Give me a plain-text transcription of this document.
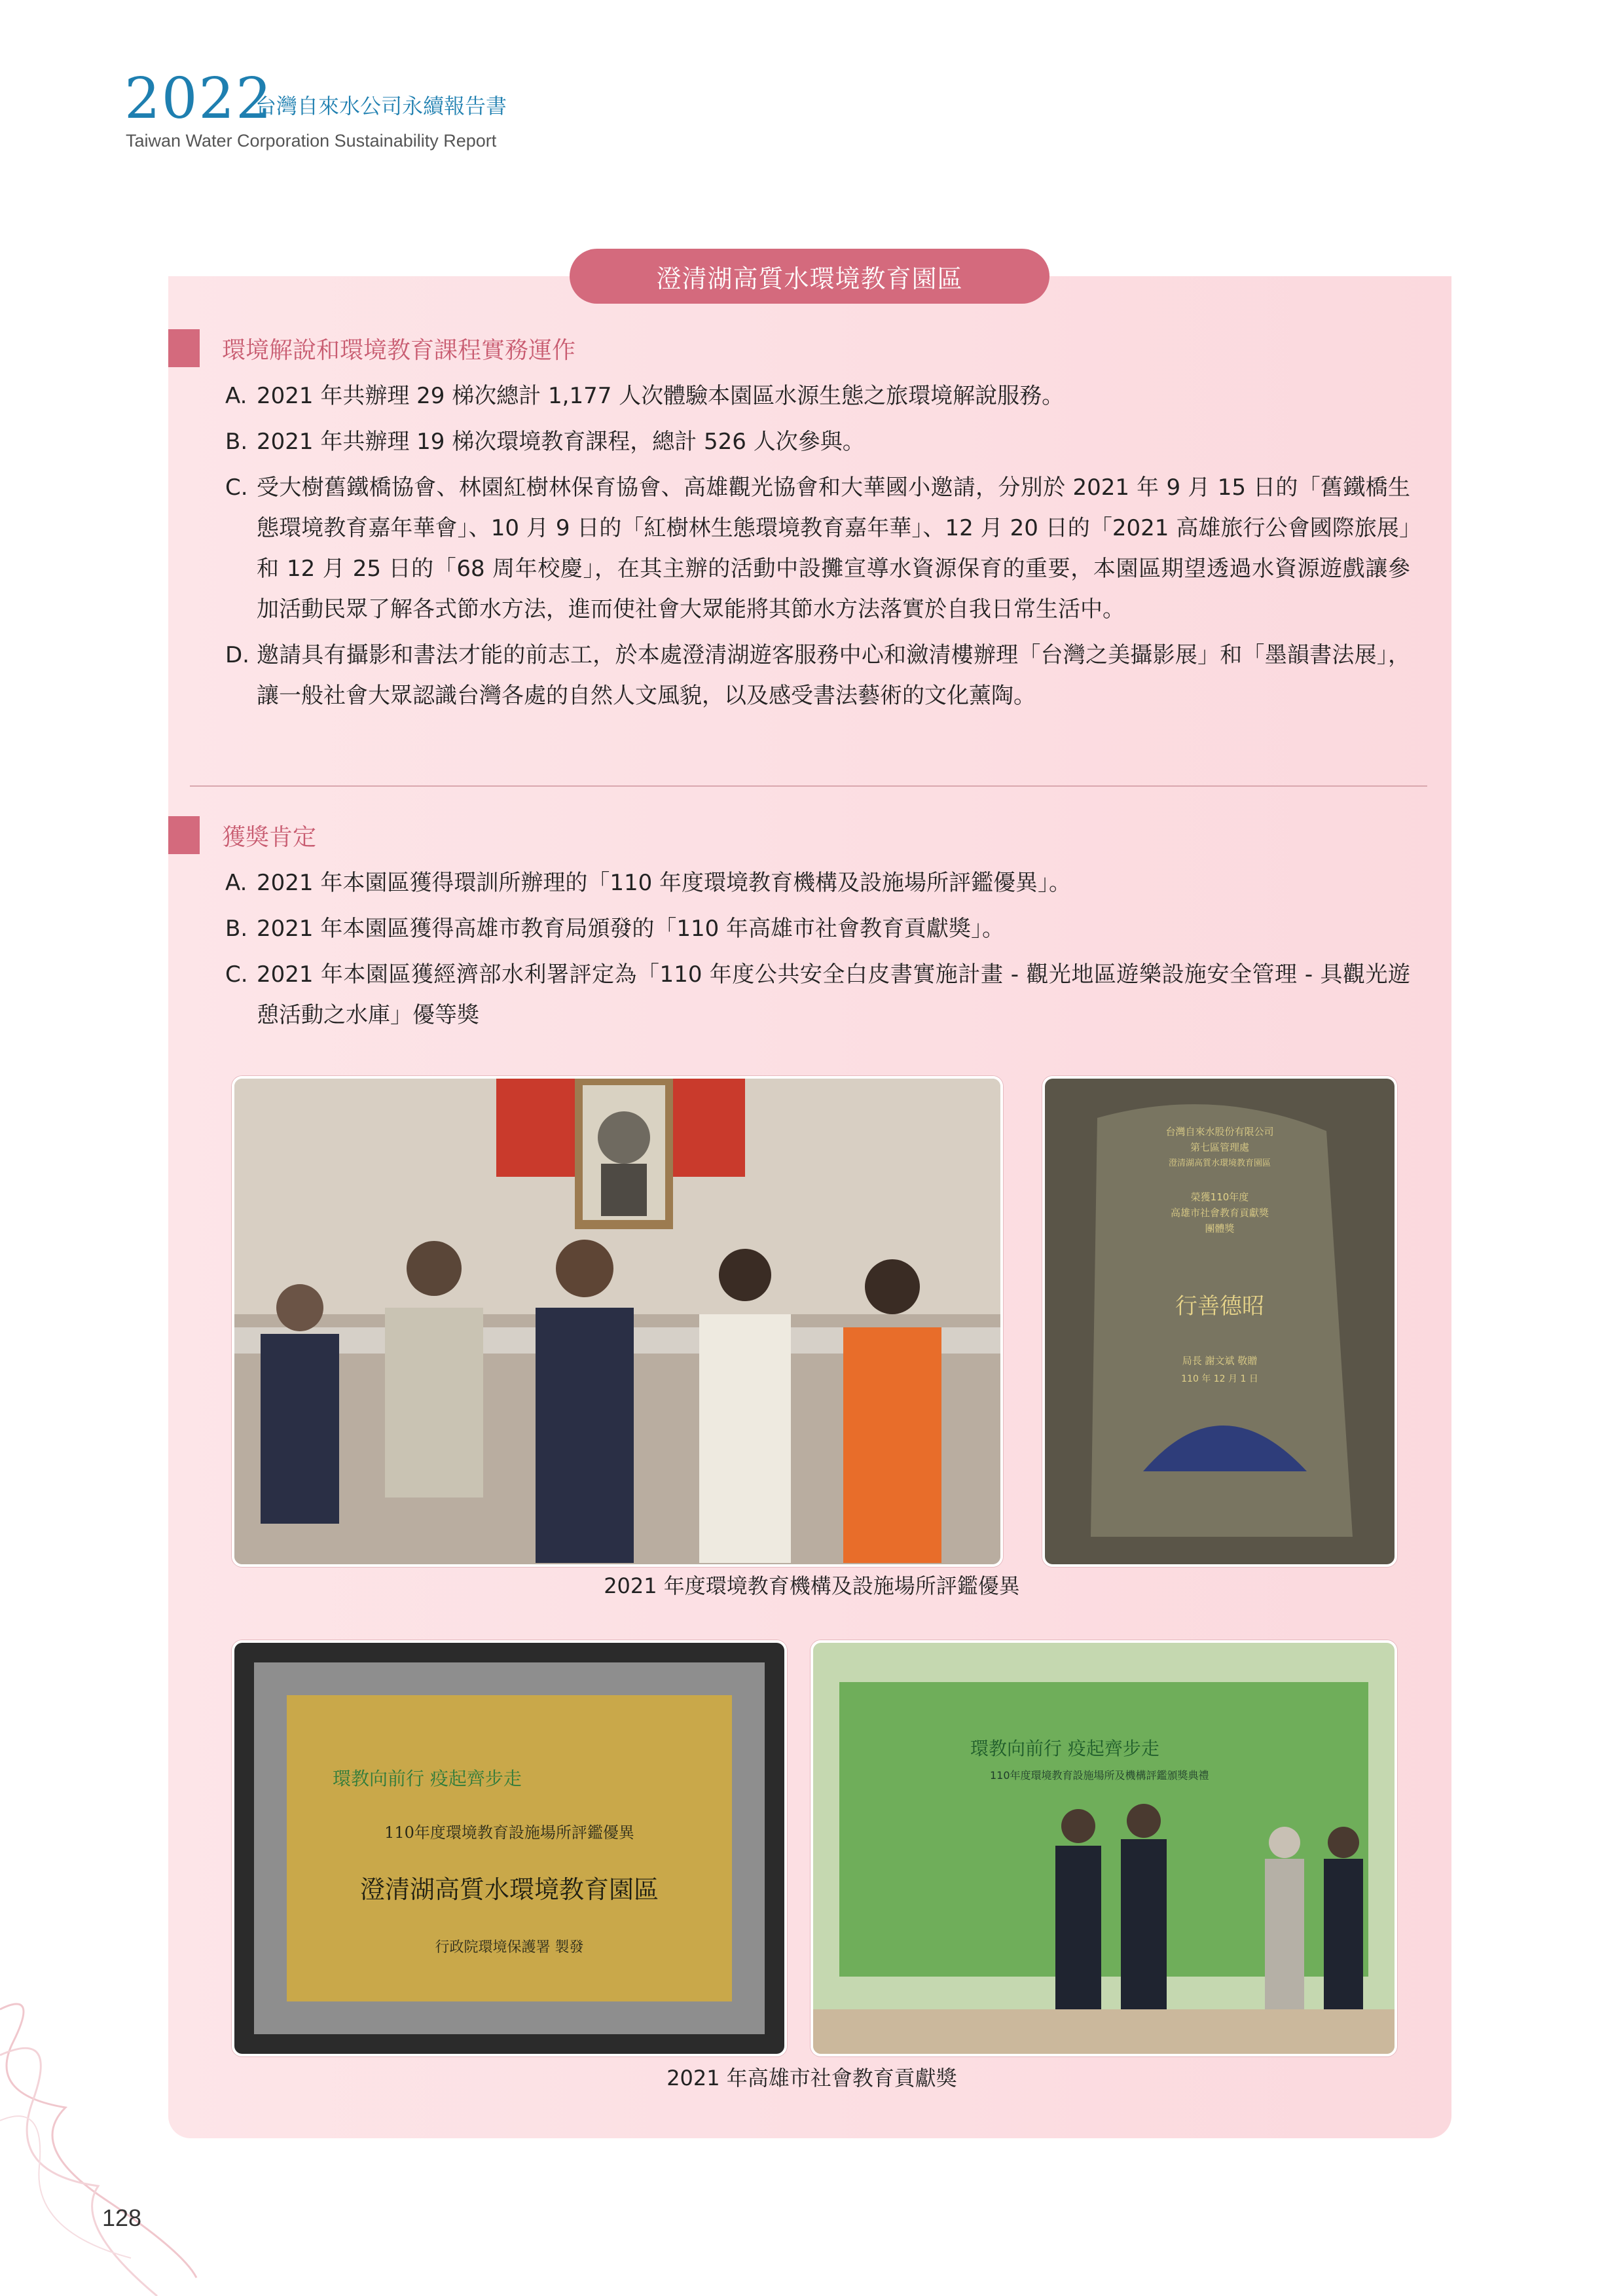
2022
台灣自來水公司永續報告書
Taiwan Water Corporation Sustainability Report
澄清湖高質水環境教育園區
環境解說和環境教育課程實務運作
A. 2021 年共辦理 29 梯次總計 1,177 人次體驗本園區水源生態之旅環境解說服務。
B. 2021 年共辦理 19 梯次環境教育課程，總計 526 人次參與。
C. 受大樹舊鐵橋協會、林園紅樹林保育協會、高雄觀光協會和大華國小邀請，分別於 2021 年 9 月 15 日的「舊鐵橋生態環境教育嘉年華會」、10 月 9 日的「紅樹林生態環境教育嘉年華」、12 月 20 日的「2021 高雄旅行公會國際旅展」和 12 月 25 日的「68 周年校慶」，在其主辦的活動中設攤宣導水資源保育的重要，本園區期望透過水資源遊戲讓參加活動民眾了解各式節水方法，進而使社會大眾能將其節水方法落實於自我日常生活中。
D. 邀請具有攝影和書法才能的前志工，於本處澄清湖遊客服務中心和瀲清樓辦理「台灣之美攝影展」和「墨韻書法展」，讓一般社會大眾認識台灣各處的自然人文風貌，以及感受書法藝術的文化薰陶。
獲獎肯定
A. 2021 年本園區獲得環訓所辦理的「110 年度環境教育機構及設施場所評鑑優異」。
B. 2021 年本園區獲得高雄市教育局頒發的「110 年高雄市社會教育貢獻獎」。
C. 2021 年本園區獲經濟部水利署評定為「110 年度公共安全白皮書實施計畫 - 觀光地區遊樂設施安全管理 - 具觀光遊憩活動之水庫」優等獎
台灣自來水股份有限公司
第七區管理處
澄清湖高質水環境教育園區
榮獲110年度
高雄市社會教育貢獻獎
團體獎
行善德昭
局長 謝文斌 敬贈
110 年 12 月 1 日
2021 年度環境教育機構及設施場所評鑑優異
環教向前行 疫起齊步走
110年度環境教育設施場所評鑑優異
澄清湖高質水環境教育園區
行政院環境保護署 製發
環教向前行 疫起齊步走
110年度環境教育設施場所及機構評鑑頒獎典禮
2021 年高雄市社會教育貢獻獎
128
